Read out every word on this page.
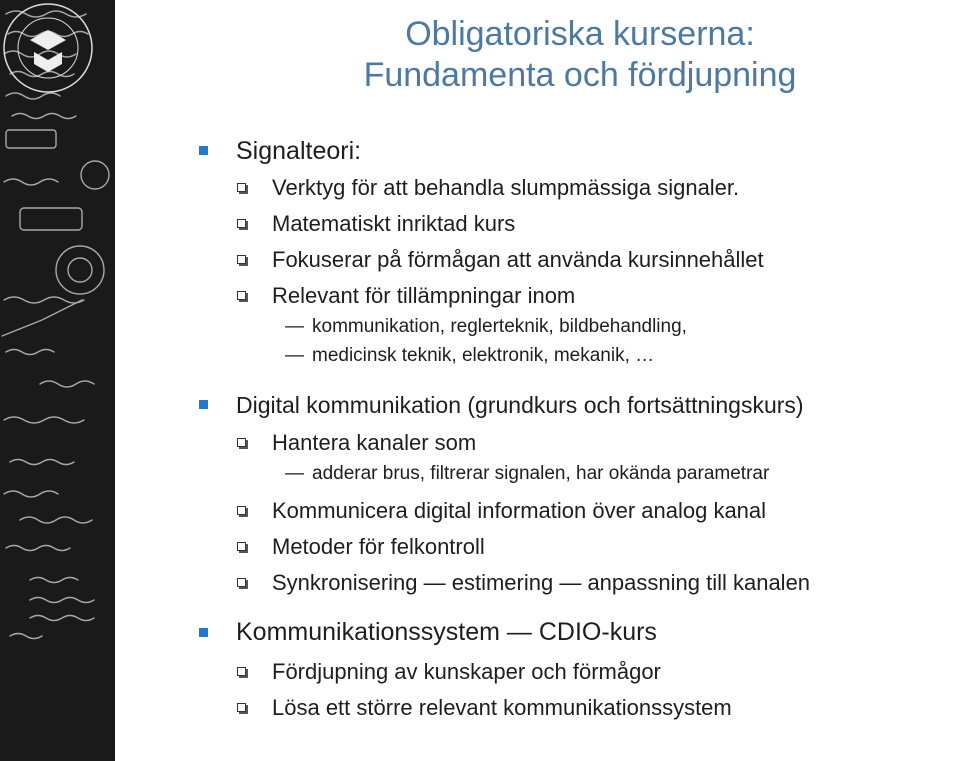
Obligatoriska kurserna:
Fundamenta och fördjupning
Signalteori:
Verktyg för att behandla slumpmässiga signaler.
Matematiskt inriktad kurs
Fokuserar på förmågan att använda kursinnehållet
Relevant för tillämpningar inom
— kommunikation, reglerteknik, bildbehandling,
— medicinsk teknik, elektronik, mekanik, …
Digital kommunikation (grundkurs och fortsättningskurs)
Hantera kanaler som
— adderar brus, filtrerar signalen, har okända parametrar
Kommunicera digital information över analog kanal
Metoder för felkontroll
Synkronisering — estimering — anpassning till kanalen
Kommunikationssystem — CDIO-kurs
Fördjupning av kunskaper och förmågor
Lösa ett större relevant kommunikationssystem
